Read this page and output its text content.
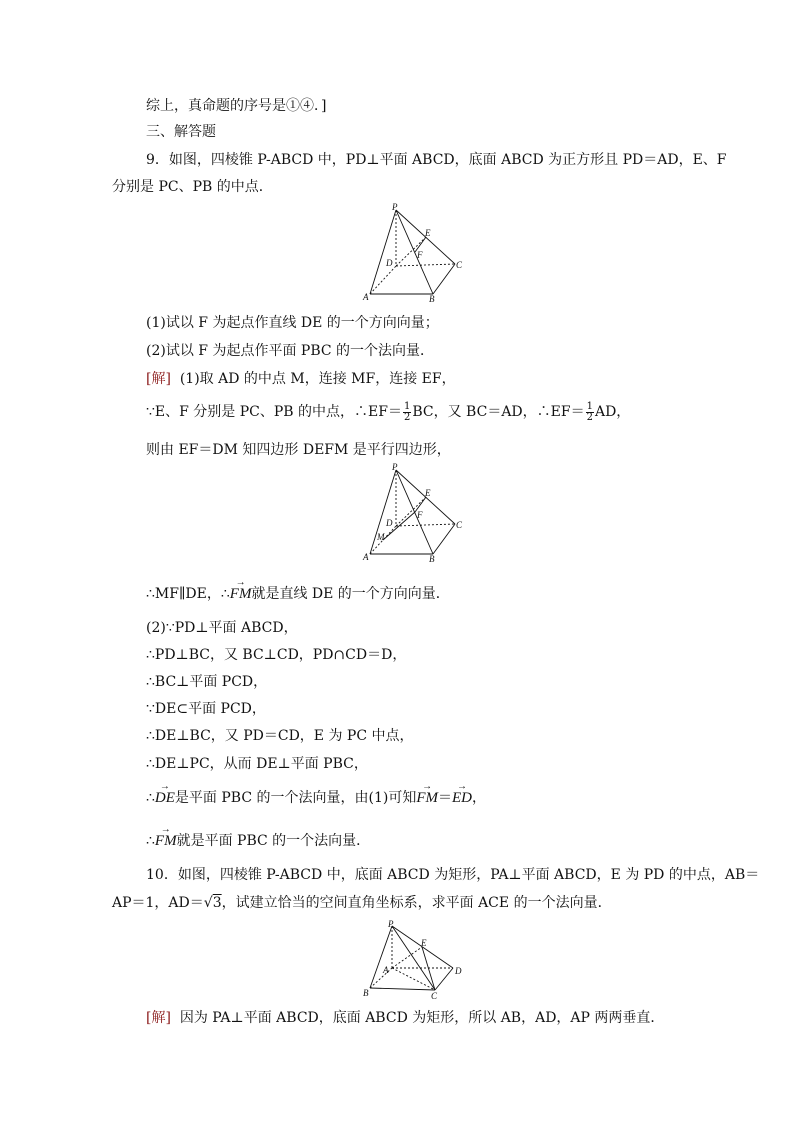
综上，真命题的序号是①④．]
三、解答题
9．如图，四棱锥 P-ABCD 中，PD⊥平面 ABCD，底面 ABCD 为正方形且 PD＝AD，E、F
分别是 PC、PB 的中点．
P
E
F
D	C
A	B
(1)试以 F 为起点作直线 DE 的一个方向向量；
(2)试以 F 为起点作平面 PBC 的一个法向量．
[解] (1)取 AD 的中点 M，连接 MF，连接 EF，
∵E、F 分别是 PC、PB 的中点，∴EF＝ $\frac{1}{2}$ BC，又 BC＝AD，∴EF＝ $\frac{1}{2}$ AD，
则由 EF＝DM 知四边形 DEFM 是平行四边形，
P
E
F
D	C
M
A	B
∴MF∥DE，∴→ FM就是直线 DE 的一个方向向量．
(2)∵PD⊥平面 ABCD，
∴PD⊥BC，又 BC⊥CD，PD∩CD＝D，
∴BC⊥平面 PCD，
∵DE⊂平面 PCD，
∴DE⊥BC，又 PD＝CD，E 为 PC 中点，
∴DE⊥PC，从而 DE⊥平面 PBC，
∴→ DE是平面 PBC 的一个法向量，由(1)可知→ FM＝→ ED，
∴→ FM就是平面 PBC 的一个法向量．
10．如图，四棱锥 P-ABCD 中，底面 ABCD 为矩形，PA⊥平面 ABCD，E 为 PD 的中点，AB＝
AP＝1，AD＝√3，试建立恰当的空间直角坐标系，求平面 ACE 的一个法向量．
P
E
A	D
B	C
[解] 因为 PA⊥平面 ABCD，底面 ABCD 为矩形，所以 AB，AD，AP 两两垂直．
